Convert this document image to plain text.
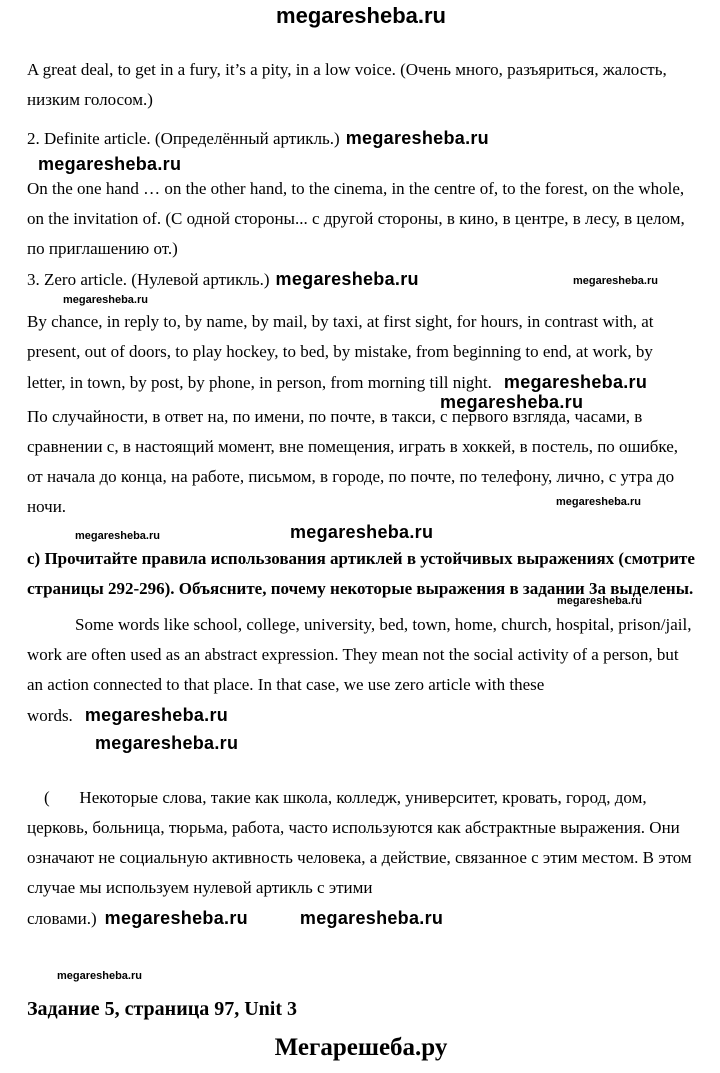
megaresheba.ru

A great deal, to get in a fury, it’s a pity, in a low voice. (Очень много, разъяриться, жалость, низким голосом.)

2. Definite article. (Определённый артикль.) megaresheba.ru
megaresheba.ru

On the one hand … on the other hand, to the cinema, in the centre of, to the forest, on the whole, on the invitation of. (С одной стороны... с другой стороны, в кино, в центре, в лесу, в целом, по приглашению от.)

3. Zero article. (Нулевой артикль.) megaresheba.ru	megaresheba.ru
megaresheba.ru

By chance, in reply to, by name, by mail, by taxi, at first sight, for hours, in contrast with, at present, out of doors, to play hockey, to bed, by mistake, from beginning to end, at work, by letter, in town, by post, by phone, in person, from morning till night. megaresheba.ru
megaresheba.ru

По случайности, в ответ на, по имени, по почте, в такси, с первого взгляда, часами, в сравнении с, в настоящий момент, вне помещения, играть в хоккей, в постель, по ошибке, от начала до конца, на работе, письмом, в городе, по почте, по телефону, лично, с утра до ночи.	megaresheba.ru

megaresheba.ru	megaresheba.ru

с) Прочитайте правила использования артиклей в устойчивых выражениях (смотрите страницы 292-296). Объясните, почему некоторые выражения в задании 3а выделены.
megaresheba.ru

Some words like school, college, university, bed, town, home, church, hospital, prison/jail, work are often used as an abstract expression. They mean not the social activity of a person, but an action connected to that place. In that case, we use zero article with these words. megaresheba.ru

megaresheba.ru

(       Некоторые слова, такие как школа, колледж, университет, кровать, город, дом, церковь, больница, тюрьма, работа, часто используются как абстрактные выражения. Они означают не социальную активность человека, а действие, связанное с этим местом. В этом случае мы используем нулевой артикль с этими словами.) megaresheba.ru	megaresheba.ru

megaresheba.ru
Задание 5, страница 97, Unit 3
Мегарешеба.ру
